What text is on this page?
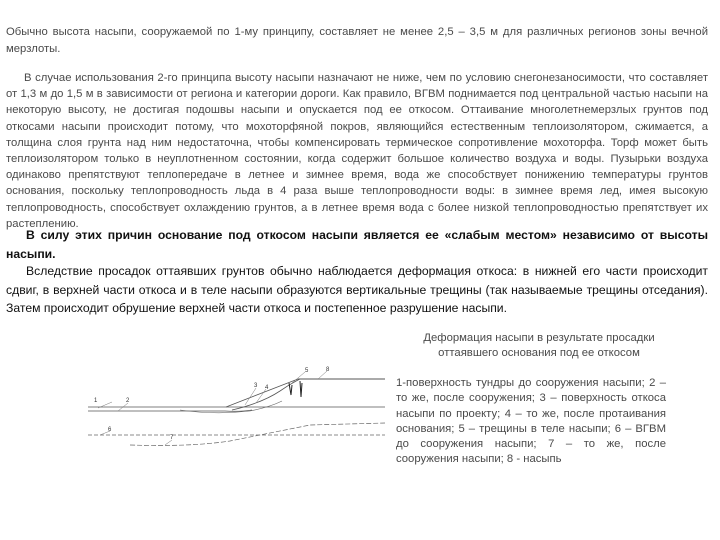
Обычно высота насыпи, сооружаемой по 1-му принципу, составляет не менее 2,5 – 3,5 м для различных регионов зоны вечной мерзлоты.

В случае использования 2-го принципа высоту насыпи назначают не ниже, чем по условию снегонезаносимости, что составляет от 1,3 м до 1,5 м в зависимости от региона и категории дороги. Как правило, ВГВМ поднимается под центральной частью насыпи на некоторую высоту, не достигая подошвы насыпи и опускается под ее откосом. Оттаивание многолетнемерзлых грунтов под откосами насыпи происходит потому, что мохоторфяной покров, являющийся естественным теплоизолятором, сжимается, а толщина слоя грунта над ним недостаточна, чтобы компенсировать термическое сопротивление мохоторфа. Торф может быть теплоизолятором только в неуплотненном состоянии, когда содержит большое количество воздуха и воды. Пузырьки воздуха одинаково препятствуют теплопередаче в летнее и зимнее время, вода же способствует понижению температуры грунтов основания, поскольку теплопроводность льда в 4 раза выше теплопроводности воды: в зимнее время лед, имея высокую теплопроводность, способствует охлаждению грунтов, а в летнее время вода с более низкой теплопроводностью препятствует их растеплению.

В силу этих причин основание под откосом насыпи является ее «слабым местом» независимо от высоты насыпи.

Вследствие просадок оттаявших грунтов обычно наблюдается деформация откоса: в нижней его части происходит сдвиг, в верхней части откоса и в теле насыпи образуются вертикальные трещины (так называемые трещины отседания). Затем происходит обрушение верхней части откоса и постепенное разрушение насыпи.

1	2
3 4
5
6
7
8
Деформация насыпи в результате просадки оттаявшего основания под ее откосом
1-поверхность тундры до сооружения насыпи; 2 – то же, после сооружения; 3 – поверхность откоса насыпи по проекту; 4 – то же, после протаивания основания; 5 – трещины в теле насыпи; 6 – ВГВМ до сооружения насыпи; 7 – то же, после сооружения насыпи; 8 - насыпь
